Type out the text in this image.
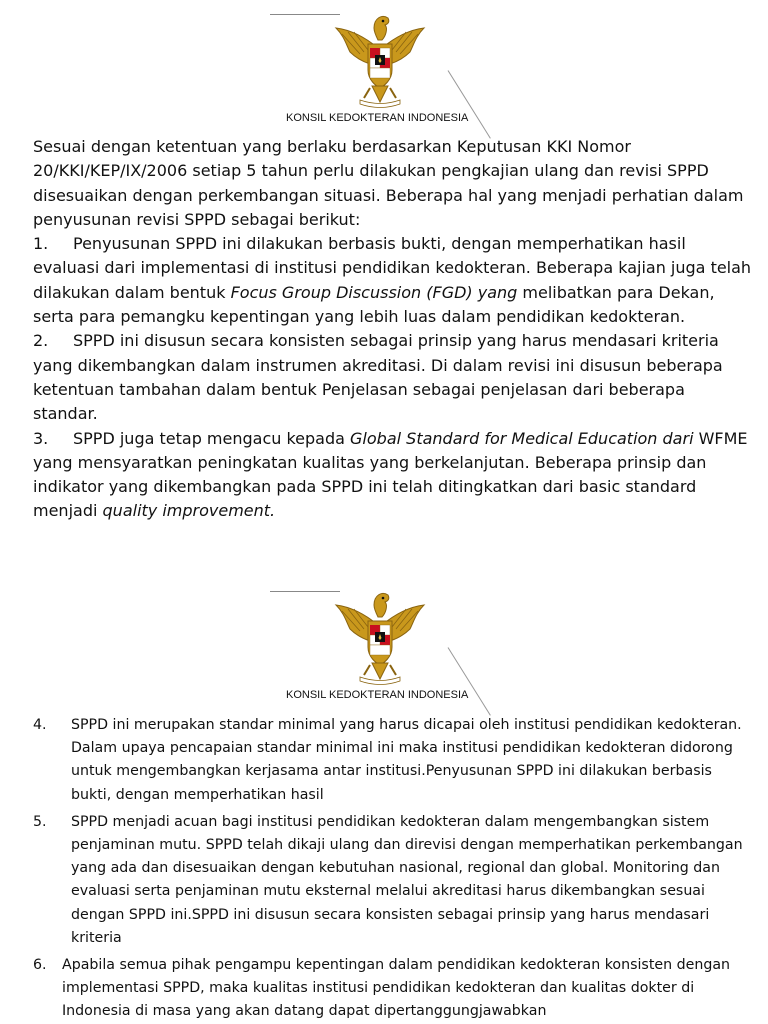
KONSIL KEDOKTERAN INDONESIA

Sesuai dengan ketentuan yang berlaku berdasarkan Keputusan KKI Nomor 20/KKI/KEP/IX/2006 setiap 5 tahun perlu dilakukan pengkajian ulang dan revisi SPPD disesuaikan dengan perkembangan situasi. Beberapa hal yang menjadi perhatian dalam penyusunan revisi SPPD sebagai berikut:

1. Penyusunan SPPD ini dilakukan berbasis bukti, dengan memperhatikan hasil evaluasi dari implementasi di institusi pendidikan kedokteran. Beberapa kajian juga telah dilakukan dalam bentuk Focus Group Discussion (FGD) yang melibatkan para Dekan, serta para pemangku kepentingan yang lebih luas dalam pendidikan kedokteran.

2. SPPD ini disusun secara konsisten sebagai prinsip yang harus mendasari kriteria yang dikembangkan dalam instrumen akreditasi. Di dalam revisi ini disusun beberapa ketentuan tambahan dalam bentuk Penjelasan sebagai penjelasan dari beberapa standar.

3. SPPD juga tetap mengacu kepada Global Standard for Medical Education dari WFME yang mensyaratkan peningkatan kualitas yang berkelanjutan. Beberapa prinsip dan indikator yang dikembangkan pada SPPD ini telah ditingkatkan dari basic standard menjadi quality improvement.

KONSIL KEDOKTERAN INDONESIA
4. SPPD ini merupakan standar minimal yang harus dicapai oleh institusi pendidikan kedokteran. Dalam upaya pencapaian standar minimal ini maka institusi pendidikan kedokteran didorong untuk mengembangkan kerjasama antar institusi.Penyusunan SPPD ini dilakukan berbasis bukti, dengan memperhatikan hasil
5. SPPD menjadi acuan bagi institusi pendidikan kedokteran dalam mengembangkan sistem penjaminan mutu. SPPD telah dikaji ulang dan direvisi dengan memperhatikan perkembangan yang ada dan disesuaikan dengan kebutuhan nasional, regional dan global. Monitoring dan evaluasi serta penjaminan mutu eksternal melalui akreditasi harus dikembangkan sesuai dengan SPPD ini.SPPD ini disusun secara konsisten sebagai prinsip yang harus mendasari kriteria
6. Apabila semua pihak pengampu kepentingan dalam pendidikan kedokteran konsisten dengan implementasi SPPD, maka kualitas institusi pendidikan kedokteran dan kualitas dokter di Indonesia di masa yang akan datang dapat dipertanggungjawabkan
